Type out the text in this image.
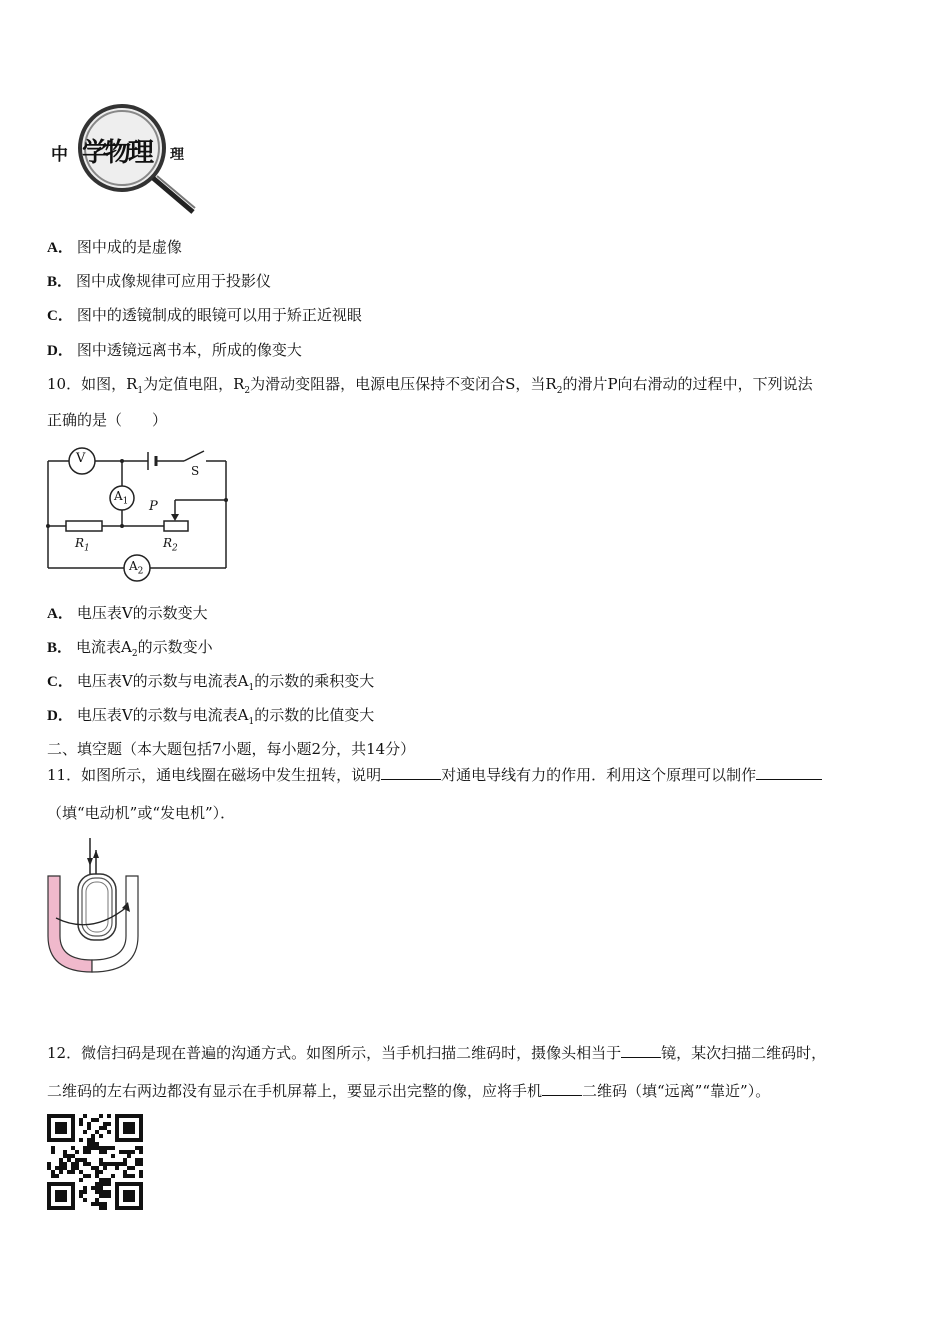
中 学物理 理
A． 图中成的是虚像
B． 图中成像规律可应用于投影仪
C． 图中的透镜制成的眼镜可以用于矫正近视眼
D． 图中透镜远离书本，所成的像变大
10．如图，$R_1$为定值电阻，$R_2$为滑动变阻器，电源电压保持不变闭合S，当$R_2$的滑片P向右滑动的过程中，下列说法
正确的是（　　）
V
$A_1$
$A_2$
S
P
$R_1$	$R_2$
A． 电压表V的示数变大
B． 电流表$A_2$的示数变小
C． 电压表V的示数与电流表$A_1$的示数的乘积变大
D． 电压表V的示数与电流表$A_1$的示数的比值变大
二、填空题（本大题包括7小题，每小题2分，共14分）
11．如图所示，通电线圈在磁场中发生扭转，说明	对通电导线有力的作用．利用这个原理可以制作
（填“电动机”或“发电机”）．
12．微信扫码是现在普遍的沟通方式。如图所示，当手机扫描二维码时，摄像头相当于	镜，某次扫描二维码时，
二维码的左右两边都没有显示在手机屏幕上，要显示出完整的像，应将手机	二维码（填“远离”“靠近”）。
